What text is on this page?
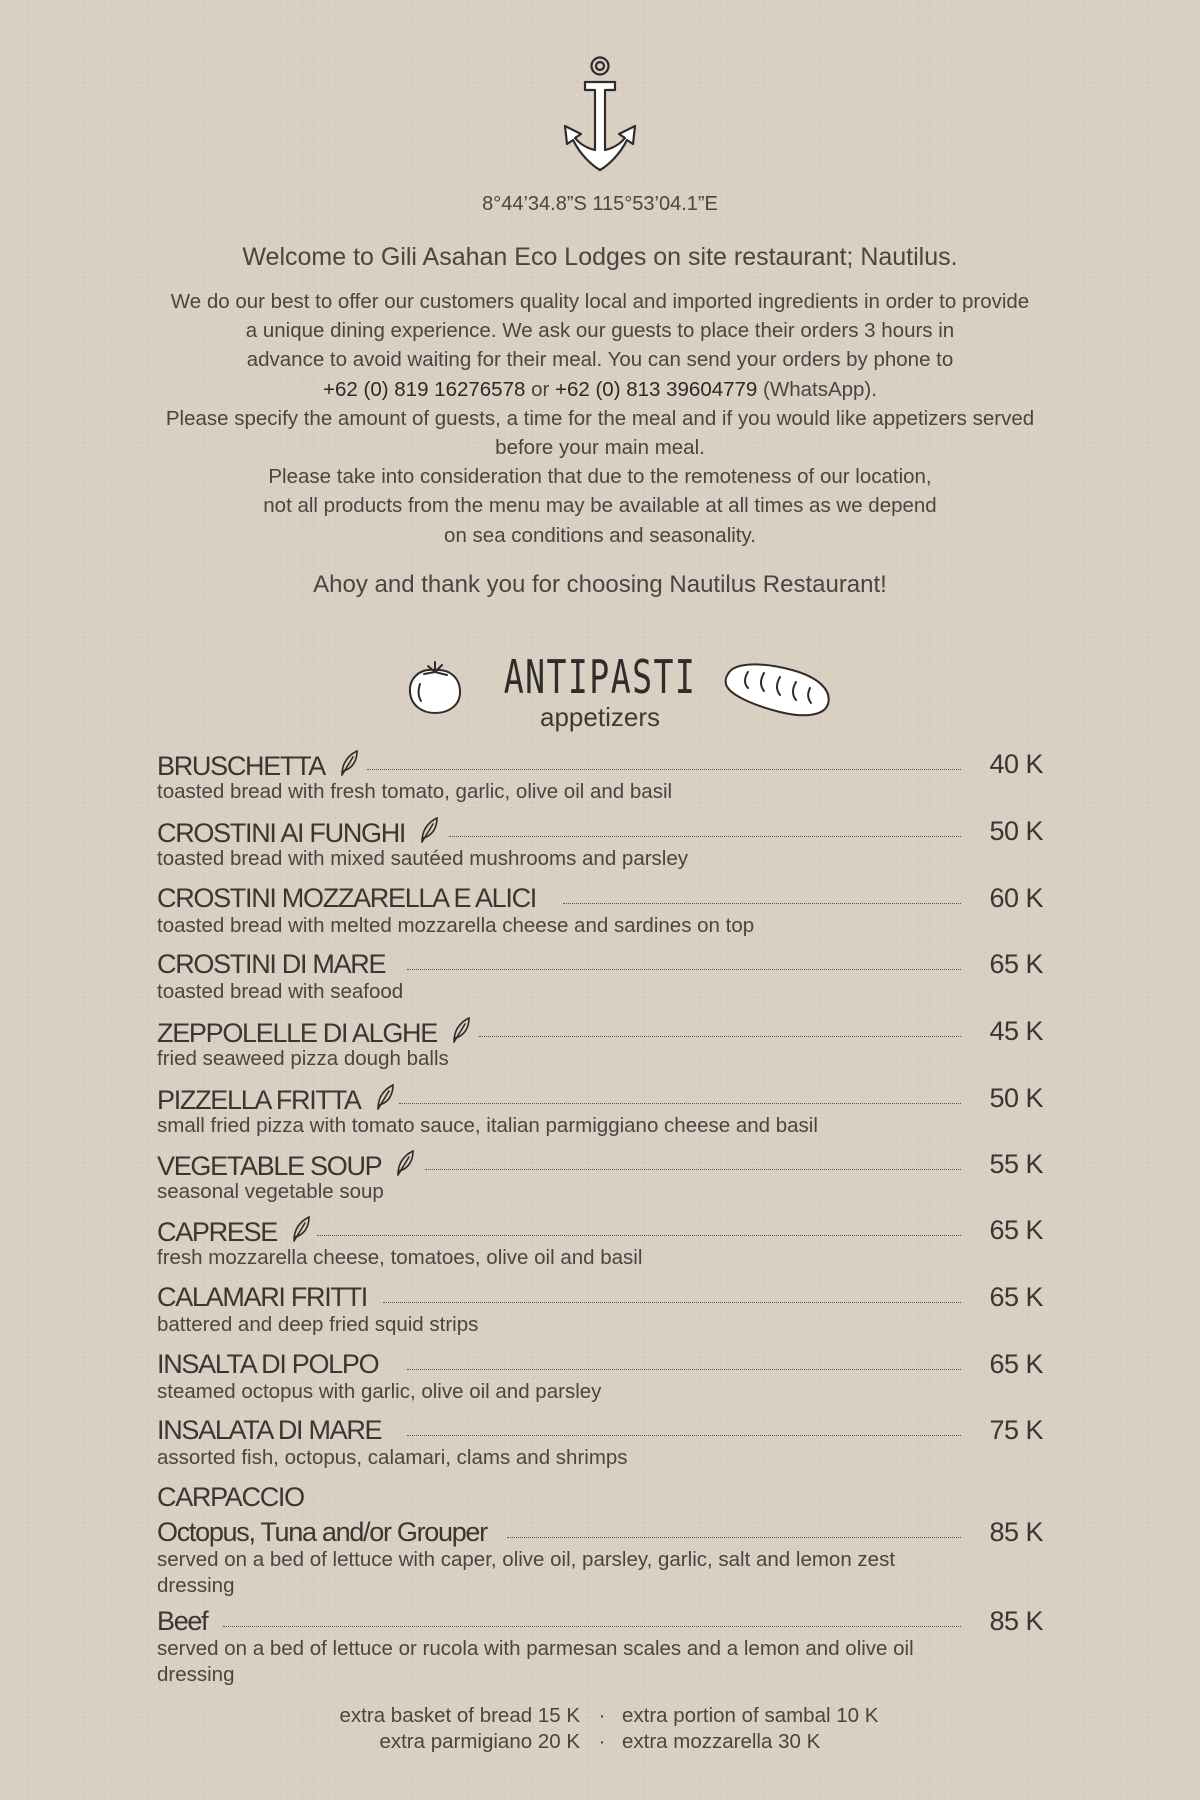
8°44’34.8”S 115°53’04.1”E
Welcome to Gili Asahan Eco Lodges on site restaurant; Nautilus.
We do our best to offer our customers quality local and imported ingredients in order to provide
a unique dining experience. We ask our guests to place their orders 3 hours in
advance to avoid waiting for their meal. You can send your orders by phone to
+62 (0) 819 16276578 or +62 (0) 813 39604779 (WhatsApp).
Please specify the amount of guests, a time for the meal and if you would like appetizers served
before your main meal.
Please take into consideration that due to the remoteness of our location,
not all products from the menu may be available at all times as we depend
on sea conditions and seasonality.
Ahoy and thank you for choosing Nautilus Restaurant!
ANTIPASTI
appetizers
BRUSCHETTA	40 K
toasted bread with fresh tomato, garlic, olive oil and basil
CROSTINI AI FUNGHI	50 K
toasted bread with mixed sautéed mushrooms and parsley
CROSTINI MOZZARELLA E ALICI	60 K
toasted bread with melted mozzarella cheese and sardines on top
CROSTINI DI MARE	65 K
toasted bread with seafood
ZEPPOLELLE DI ALGHE	45 K
fried seaweed pizza dough balls
PIZZELLA FRITTA	50 K
small fried pizza with tomato sauce, italian parmiggiano cheese and basil
VEGETABLE SOUP	55 K
seasonal vegetable soup
CAPRESE	65 K
fresh mozzarella cheese, tomatoes, olive oil and basil
CALAMARI FRITTI	65 K
battered and deep fried squid strips
INSALTA DI POLPO	65 K
steamed octopus with garlic, olive oil and parsley
INSALATA DI MARE	75 K
assorted fish, octopus, calamari, clams and shrimps
CARPACCIO
Octopus, Tuna and/or Grouper	85 K
served on a bed of lettuce with caper, olive oil, parsley, garlic, salt and lemon zest dressing
Beef	85 K
served on a bed of lettuce or rucola with parmesan scales and a lemon and olive oil dressing
extra basket of bread 15 K · extra portion of sambal 10 K
extra parmigiano 20 K · extra mozzarella 30 K
